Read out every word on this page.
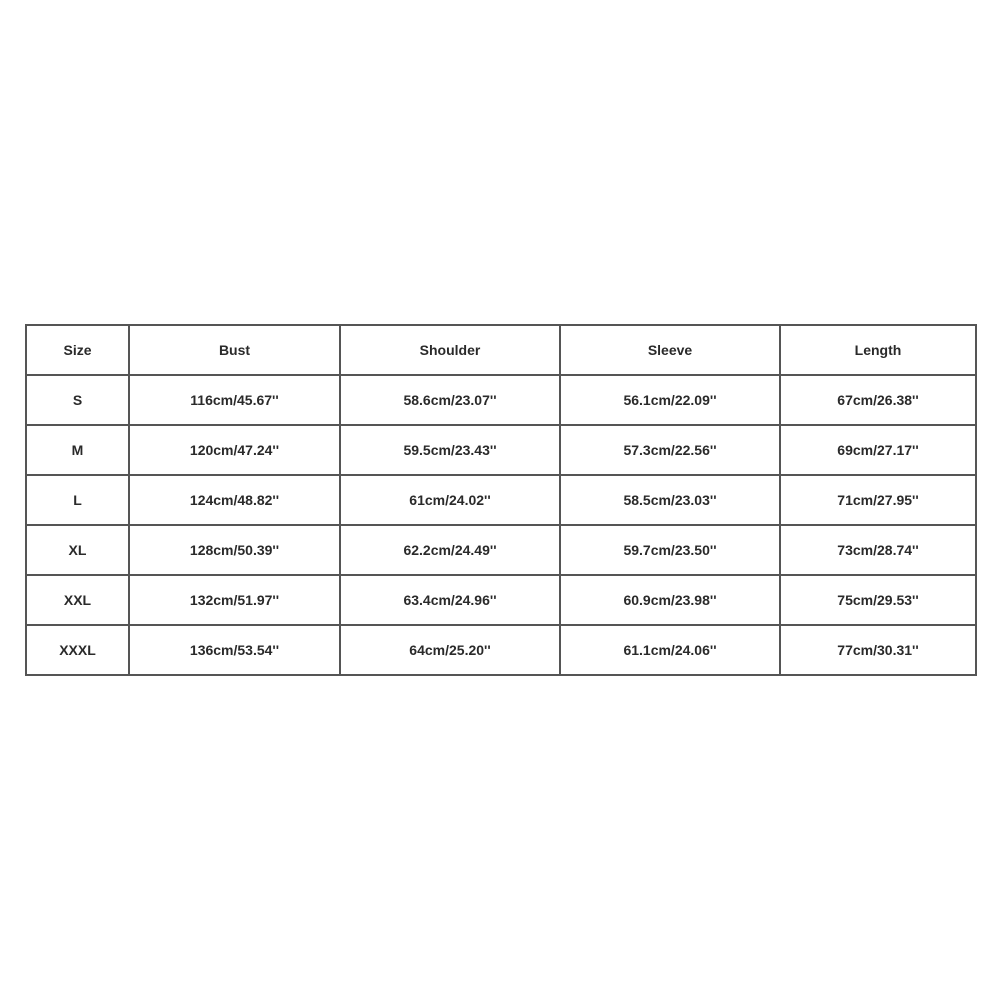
Size	Bust	Shoulder	Sleeve	Length
S	116cm/45.67''	58.6cm/23.07''	56.1cm/22.09''	67cm/26.38''
M	120cm/47.24''	59.5cm/23.43''	57.3cm/22.56''	69cm/27.17''
L	124cm/48.82''	61cm/24.02''	58.5cm/23.03''	71cm/27.95''
XL	128cm/50.39''	62.2cm/24.49''	59.7cm/23.50''	73cm/28.74''
XXL	132cm/51.97''	63.4cm/24.96''	60.9cm/23.98''	75cm/29.53''
XXXL	136cm/53.54''	64cm/25.20''	61.1cm/24.06''	77cm/30.31''
